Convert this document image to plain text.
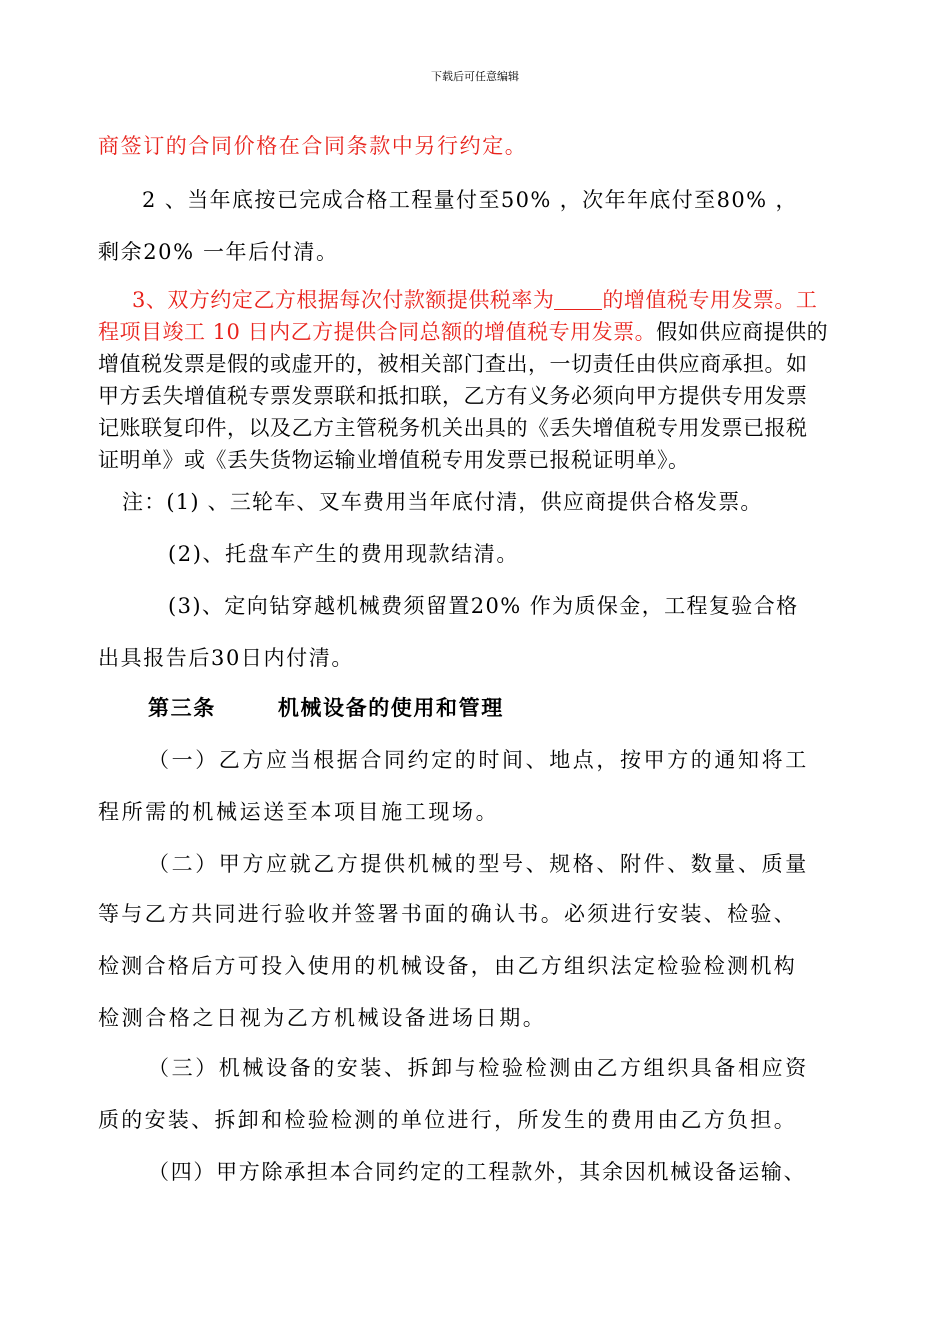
下载后可任意编辑
商签订的合同价格在合同条款中另行约定。
2 、当年底按已完成合格工程量付至50% ，次年年底付至80% ，
剩余20% 一年后付清。
3、双方约定乙方根据每次付款额提供税率为 的增值税专用发票。工
程项目竣工 10 日内乙方提供合同总额的增值税专用发票。假如供应商提供的
增值税发票是假的或虚开的，被相关部门查出，一切责任由供应商承担。如
甲方丢失增值税专票发票联和抵扣联，乙方有义务必须向甲方提供专用发票
记账联复印件，以及乙方主管税务机关出具的《丢失增值税专用发票已报税
证明单》或《丢失货物运输业增值税专用发票已报税证明单》。
注：(1) 、三轮车、叉车费用当年底付清，供应商提供合格发票。
(2)、托盘车产生的费用现款结清。
(3)、定向钻穿越机械费须留置20% 作为质保金，工程复验合格
出具报告后30日内付清。
第三条	机械设备的使用和管理
（一）乙方应当根据合同约定的时间、地点，按甲方的通知将工
程所需的机械运送至本项目施工现场。
（二）甲方应就乙方提供机械的型号、规格、附件、数量、质量
等与乙方共同进行验收并签署书面的确认书。必须进行安装、检验、
检测合格后方可投入使用的机械设备，由乙方组织法定检验检测机构
检测合格之日视为乙方机械设备进场日期。
（三）机械设备的安装、拆卸与检验检测由乙方组织具备相应资
质的安装、拆卸和检验检测的单位进行，所发生的费用由乙方负担。
（四）甲方除承担本合同约定的工程款外，其余因机械设备运输、
